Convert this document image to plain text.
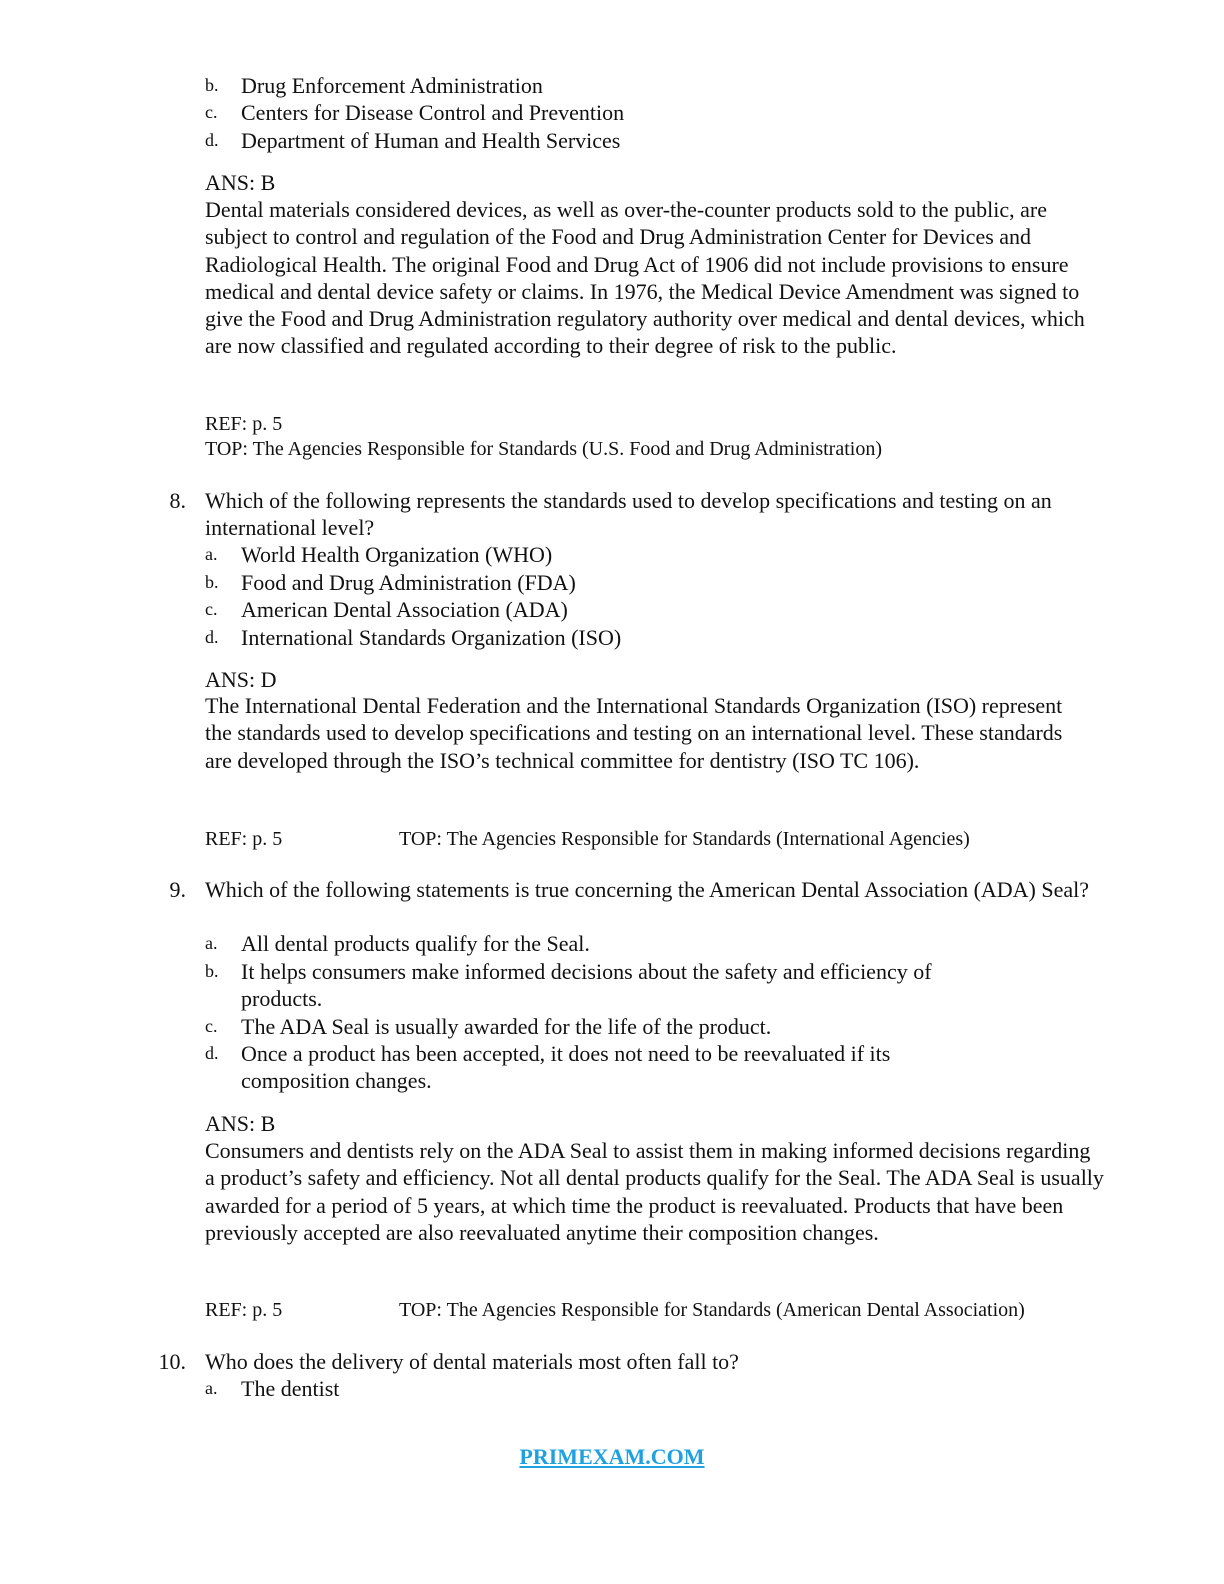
b. Drug Enforcement Administration
c. Centers for Disease Control and Prevention
d. Department of Human and Health Services
ANS: B
Dental materials considered devices, as well as over-the-counter products sold to the public, are subject to control and regulation of the Food and Drug Administration Center for Devices and Radiological Health. The original Food and Drug Act of 1906 did not include provisions to ensure medical and dental device safety or claims. In 1976, the Medical Device Amendment was signed to give the Food and Drug Administration regulatory authority over medical and dental devices, which are now classified and regulated according to their degree of risk to the public.
REF: p. 5
TOP: The Agencies Responsible for Standards (U.S. Food and Drug Administration)
8. Which of the following represents the standards used to develop specifications and testing on an international level?
a. World Health Organization (WHO)
b. Food and Drug Administration (FDA)
c. American Dental Association (ADA)
d. International Standards Organization (ISO)
ANS: D
The International Dental Federation and the International Standards Organization (ISO) represent the standards used to develop specifications and testing on an international level. These standards are developed through the ISO’s technical committee for dentistry (ISO TC 106).
REF: p. 5	TOP: The Agencies Responsible for Standards (International Agencies)
9. Which of the following statements is true concerning the American Dental Association (ADA) Seal?
a. All dental products qualify for the Seal.
b. It helps consumers make informed decisions about the safety and efficiency of products.
c. The ADA Seal is usually awarded for the life of the product.
d. Once a product has been accepted, it does not need to be reevaluated if its composition changes.
ANS: B
Consumers and dentists rely on the ADA Seal to assist them in making informed decisions regarding a product’s safety and efficiency. Not all dental products qualify for the Seal. The ADA Seal is usually awarded for a period of 5 years, at which time the product is reevaluated. Products that have been previously accepted are also reevaluated anytime their composition changes.
REF: p. 5	TOP: The Agencies Responsible for Standards (American Dental Association)
10. Who does the delivery of dental materials most often fall to?
a. The dentist
PRIMEXAM.COM
